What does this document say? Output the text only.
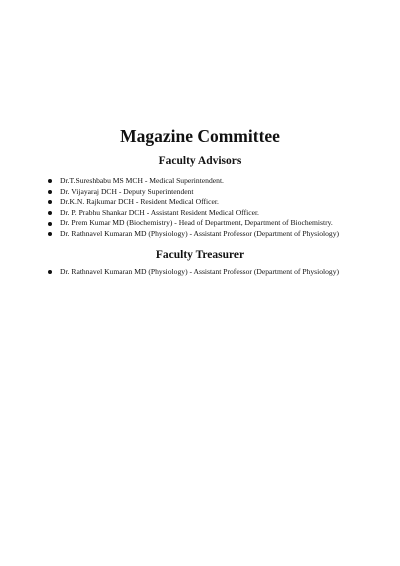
Magazine Committee
Faculty Advisors
Dr.T.Sureshbabu MS MCH - Medical Superintendent.
Dr. Vijayaraj DCH - Deputy Superintendent
Dr.K.N. Rajkumar DCH - Resident Medical Officer.
Dr. P. Prabhu Shankar DCH - Assistant Resident Medical Officer.
Dr. Prem Kumar MD (Biochemistry) - Head of Department, Department of Biochemistry.
Dr. Rathnavel Kumaran MD (Physiology) - Assistant Professor (Department of Physiology)
Faculty Treasurer
Dr. Rathnavel Kumaran MD (Physiology) - Assistant Professor (Department of Physiology)
